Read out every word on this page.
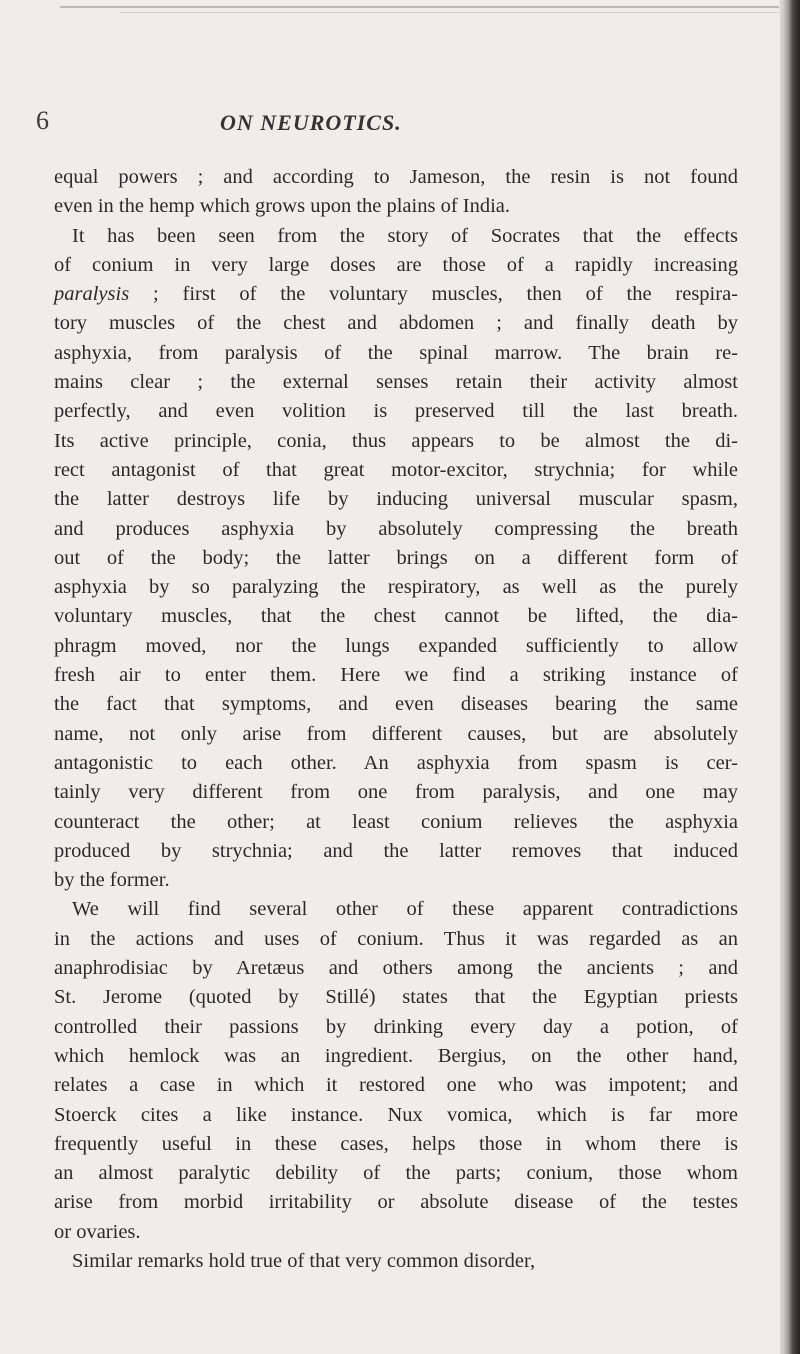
6	ON NEUROTICS.
equal powers ; and according to Jameson, the resin is not found
even in the hemp which grows upon the plains of India.
It has been seen from the story of Socrates that the effects
of conium in very large doses are those of a rapidly increasing
paralysis ; first of the voluntary muscles, then of the respira-
tory muscles of the chest and abdomen ; and finally death by
asphyxia, from paralysis of the spinal marrow. The brain re-
mains clear ; the external senses retain their activity almost
perfectly, and even volition is preserved till the last breath.
Its active principle, conia, thus appears to be almost the di-
rect antagonist of that great motor-excitor, strychnia; for while
the latter destroys life by inducing universal muscular spasm,
and produces asphyxia by absolutely compressing the breath
out of the body; the latter brings on a different form of
asphyxia by so paralyzing the respiratory, as well as the purely
voluntary muscles, that the chest cannot be lifted, the dia-
phragm moved, nor the lungs expanded sufficiently to allow
fresh air to enter them. Here we find a striking instance of
the fact that symptoms, and even diseases bearing the same
name, not only arise from different causes, but are absolutely
antagonistic to each other. An asphyxia from spasm is cer-
tainly very different from one from paralysis, and one may
counteract the other; at least conium relieves the asphyxia
produced by strychnia; and the latter removes that induced
by the former.
We will find several other of these apparent contradictions
in the actions and uses of conium. Thus it was regarded as an
anaphrodisiac by Aretæus and others among the ancients ; and
St. Jerome (quoted by Stillé) states that the Egyptian priests
controlled their passions by drinking every day a potion, of
which hemlock was an ingredient. Bergius, on the other hand,
relates a case in which it restored one who was impotent; and
Stoerck cites a like instance. Nux vomica, which is far more
frequently useful in these cases, helps those in whom there is
an almost paralytic debility of the parts; conium, those whom
arise from morbid irritability or absolute disease of the testes
or ovaries.
Similar remarks hold true of that very common disorder,
